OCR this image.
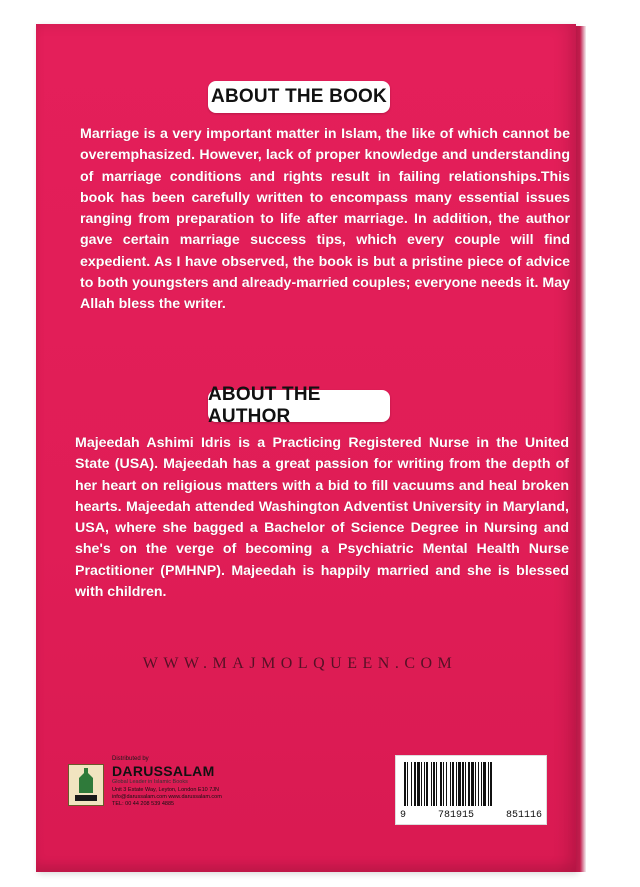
ABOUT THE BOOK
Marriage is a very important matter in Islam, the like of which cannot be overemphasized. However, lack of proper knowledge and understanding of marriage conditions and rights result in failing relationships.This book has been carefully written to encompass many essential issues ranging from preparation to life after marriage. In addition, the author gave certain marriage success tips, which every couple will find expedient. As I have observed, the book is but a pristine piece of advice to both youngsters and already-married couples; everyone needs it. May Allah bless the writer.
ABOUT THE AUTHOR
Majeedah Ashimi Idris is a Practicing Registered Nurse in the United State (USA). Majeedah has a great passion for writing from the depth of her heart on religious matters with a bid to fill vacuums and heal broken hearts. Majeedah attended Washington Adventist University in Maryland, USA, where she bagged a Bachelor of Science Degree in Nursing and she's on the verge of becoming a Psychiatric Mental Health Nurse Practitioner (PMHNP). Majeedah is happily married and she is blessed with children.
WWW.MAJMOLQUEEN.COM
Distributed by
DARUSSALAM
Global Leader in Islamic Books
Unit 3 Estate Way, Leyton, London E10 7JN
info@darussalam.com www.darussalam.com
TEL: 00 44 208 539 4885
9	781915	851116
